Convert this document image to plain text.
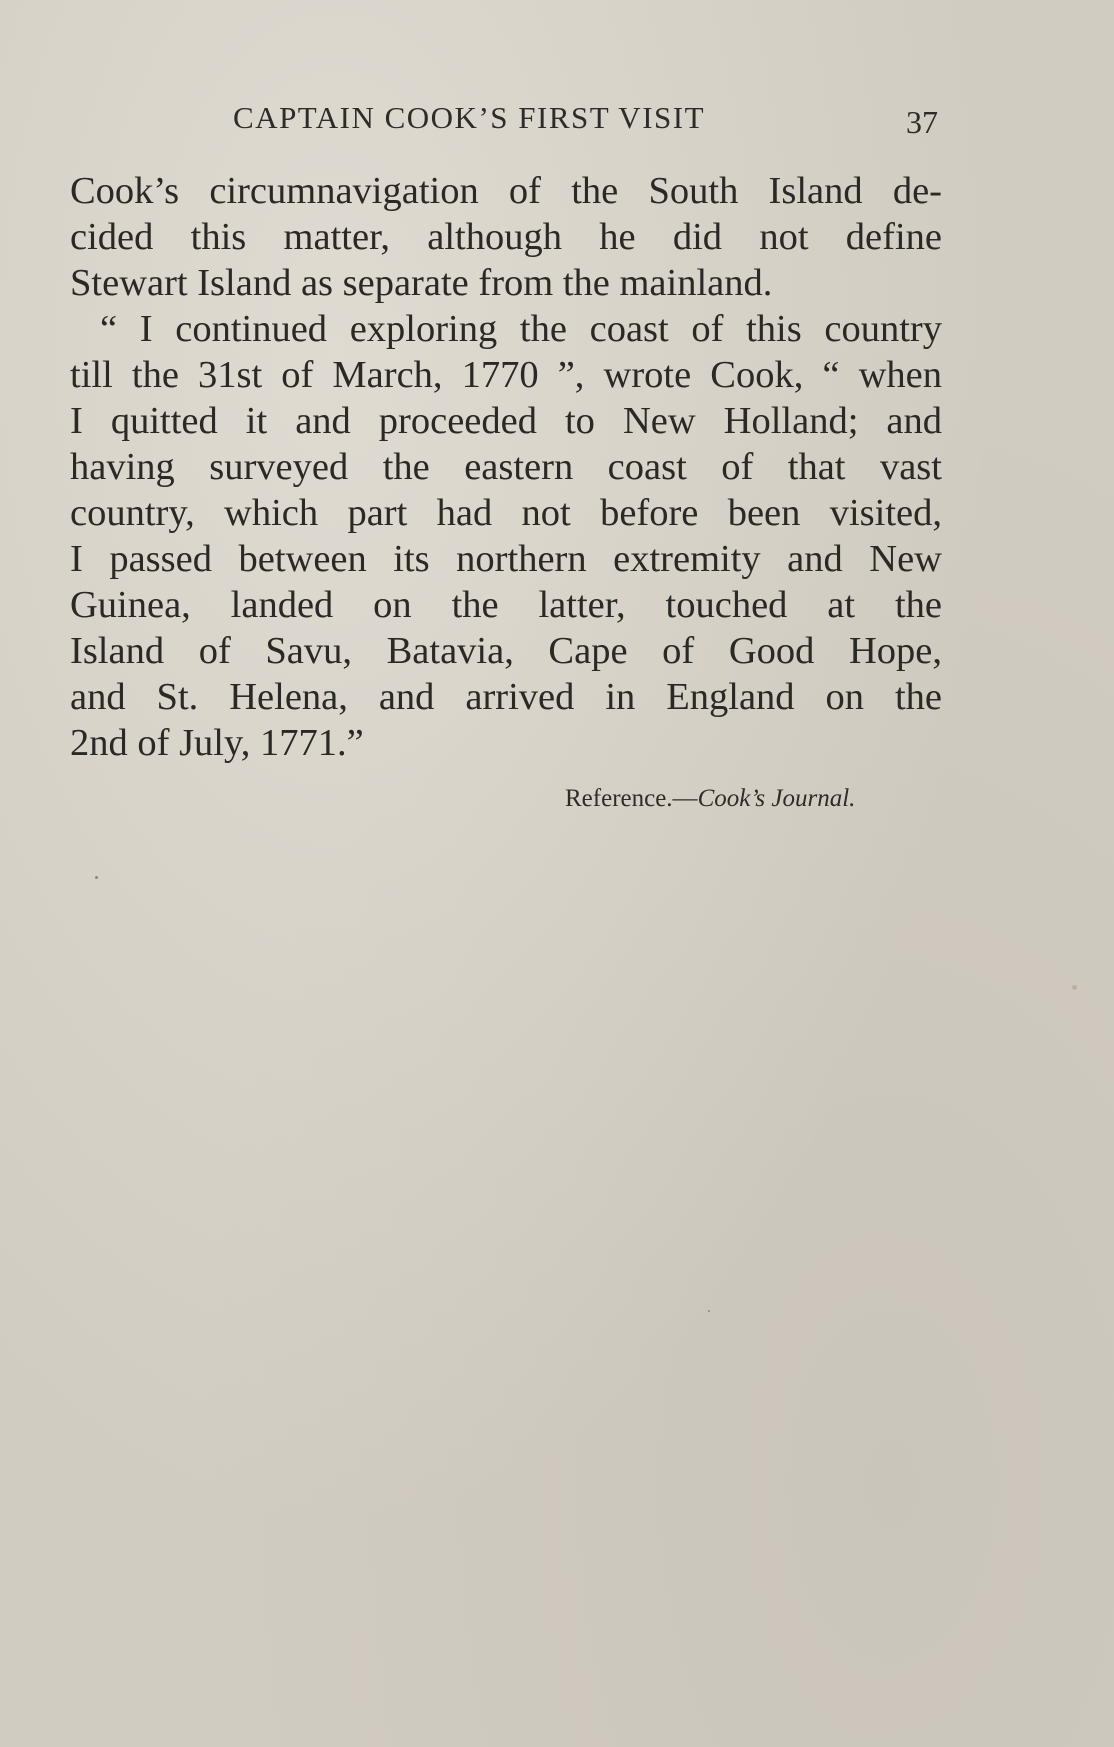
CAPTAIN COOK’S FIRST VISIT	37
Cook’s circumnavigation of the South Island de-
cided this matter, although he did not define
Stewart Island as separate from the mainland.
“ I continued exploring the coast of this country
till the 31st of March, 1770 ”, wrote Cook, “ when
I quitted it and proceeded to New Holland; and
having surveyed the eastern coast of that vast
country, which part had not before been visited,
I passed between its northern extremity and New
Guinea, landed on the latter, touched at the
Island of Savu, Batavia, Cape of Good Hope,
and St. Helena, and arrived in England on the
2nd of July, 1771.”
Reference.—Cook’s Journal.
